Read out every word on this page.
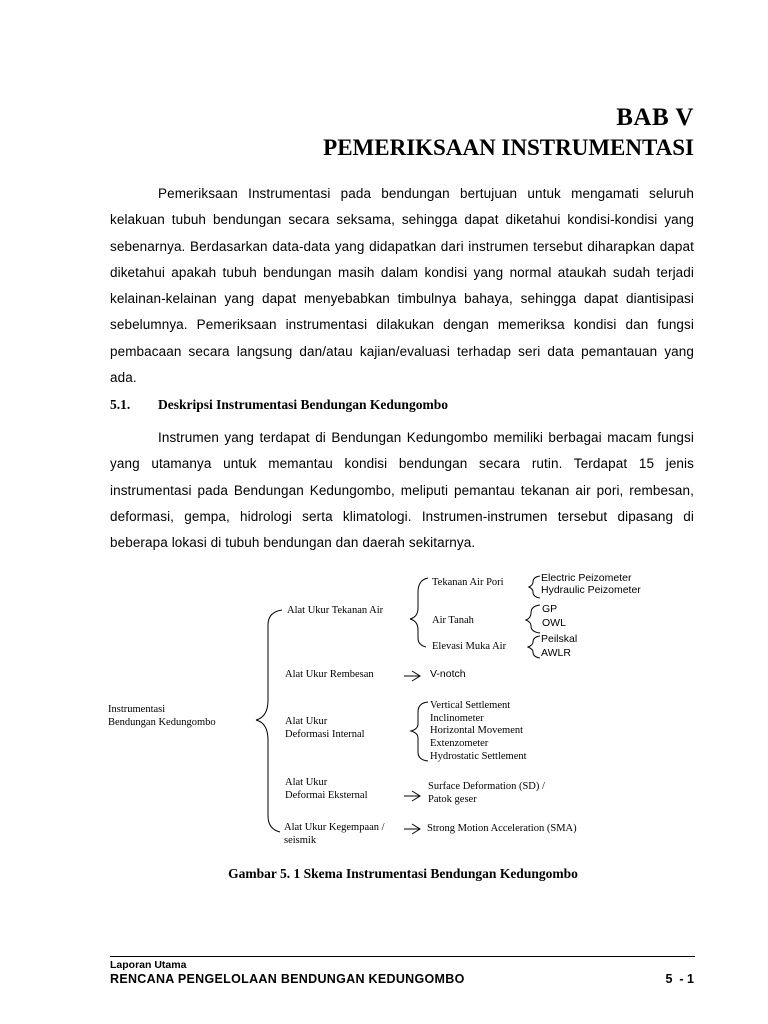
BAB V
PEMERIKSAAN INSTRUMENTASI

Pemeriksaan Instrumentasi pada bendungan bertujuan untuk mengamati seluruh kelakuan tubuh bendungan secara seksama, sehingga dapat diketahui kondisi-kondisi yang sebenarnya. Berdasarkan data-data yang didapatkan dari instrumen tersebut diharapkan dapat diketahui apakah tubuh bendungan masih dalam kondisi yang normal ataukah sudah terjadi kelainan-kelainan yang dapat menyebabkan timbulnya bahaya, sehingga dapat diantisipasi sebelumnya. Pemeriksaan instrumentasi dilakukan dengan memeriksa kondisi dan fungsi pembacaan secara langsung dan/atau kajian/evaluasi terhadap seri data pemantauan yang ada.

5.1. Deskripsi Instrumentasi Bendungan Kedungombo

Instrumen yang terdapat di Bendungan Kedungombo memiliki berbagai macam fungsi yang utamanya untuk memantau kondisi bendungan secara rutin. Terdapat 15 jenis instrumentasi pada Bendungan Kedungombo, meliputi pemantau tekanan air pori, rembesan, deformasi, gempa, hidrologi serta klimatologi. Instrumen-instrumen tersebut dipasang di beberapa lokasi di tubuh bendungan dan daerah sekitarnya.

Instrumentasi
Bendungan Kedungombo
Alat Ukur Tekanan Air
Tekanan Air Pori	Electric Peizometer
Hydraulic Peizometer
Air Tanah
GP
OWL
Elevasi Muka Air
Peilskal
AWLR
Alat Ukur Rembesan	V-notch
Alat Ukur
Deformasi Internal
Vertical Settlement
Inclinometer
Horizontal Movement
Extenzometer
Hydrostatic Settlement
Alat Ukur
Deformai Eksternal
Surface Deformation (SD) /
Patok geser
Alat Ukur Kegempaan /
seismik
Strong Motion Acceleration (SMA)

Gambar 5. 1 Skema Instrumentasi Bendungan Kedungombo

Laporan Utama

RENCANA PENGELOLAAN BENDUNGAN KEDUNGOMBO	5  - 1
